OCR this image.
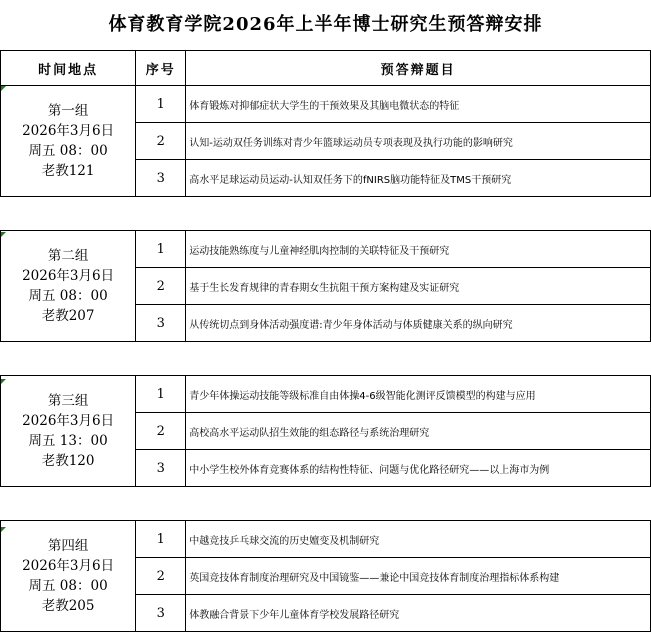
体育教育学院2026年上半年博士研究生预答辩安排
时间地点	序号	预答辩题目

第一组
2026年3月6日
周五 08：00
老教121	1	体育锻炼对抑郁症状大学生的干预效果及其脑电微状态的特征
	2	认知-运动双任务训练对青少年篮球运动员专项表现及执行功能的影响研究
	3	高水平足球运动员运动-认知双任务下的fNIRS脑功能特征及TMS干预研究

第二组
2026年3月6日
周五 08：00
老教207	1	运动技能熟练度与儿童神经肌肉控制的关联特征及干预研究
	2	基于生长发育规律的青春期女生抗阻干预方案构建及实证研究
	3	从传统切点到身体活动强度谱:青少年身体活动与体质健康关系的纵向研究

第三组
2026年3月6日
周五 13：00
老教120	1	青少年体操运动技能等级标准自由体操4-6级智能化测评反馈模型的构建与应用
	2	高校高水平运动队招生效能的组态路径与系统治理研究
	3	中小学生校外体育竞赛体系的结构性特征、问题与优化路径研究——以上海市为例

第四组
2026年3月6日
周五 08：00
老教205	1	中越竞技乒乓球交流的历史嬗变及机制研究
	2	英国竞技体育制度治理研究及中国镜鉴——兼论中国竞技体育制度治理指标体系构建
	3	体教融合背景下少年儿童体育学校发展路径研究
